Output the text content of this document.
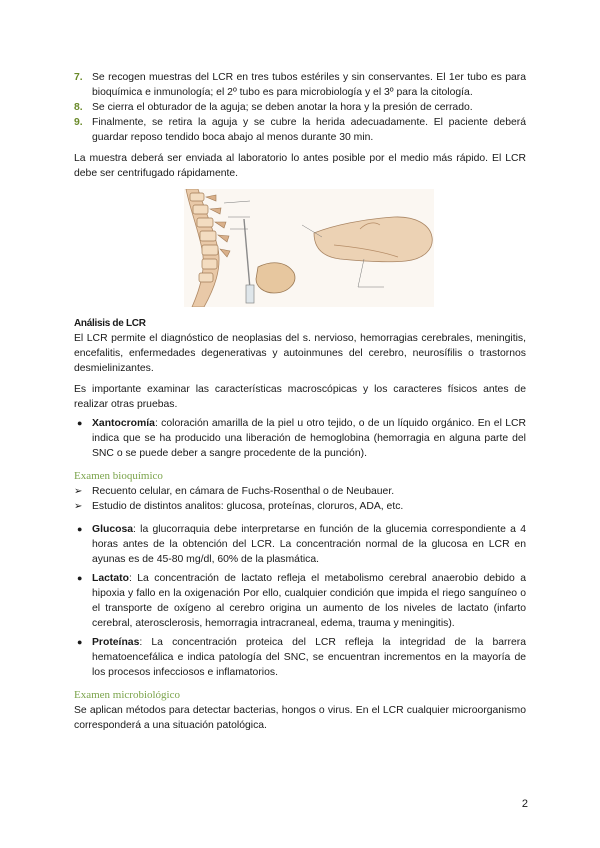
7. Se recogen muestras del LCR en tres tubos estériles y sin conservantes. El 1er tubo es para bioquímica e inmunología; el 2º tubo es para microbiología y el 3º para la citología.
8. Se cierra el obturador de la aguja; se deben anotar la hora y la presión de cerrado.
9. Finalmente, se retira la aguja y se cubre la herida adecuadamente. El paciente deberá guardar reposo tendido boca abajo al menos durante 30 min.

La muestra deberá ser enviada al laboratorio lo antes posible por el medio más rápido. El LCR debe ser centrifugado rápidamente.

Análisis de LCR

El LCR permite el diagnóstico de neoplasias del s. nervioso, hemorragias cerebrales, meningitis, encefalitis, enfermedades degenerativas y autoinmunes del cerebro, neurosífilis o trastornos desmielinizantes.

Es importante examinar las características macroscópicas y los caracteres físicos antes de realizar otras pruebas.

● Xantocromía: coloración amarilla de la piel u otro tejido, o de un líquido orgánico. En el LCR indica que se ha producido una liberación de hemoglobina (hemorragia en alguna parte del SNC o se puede deber a sangre procedente de la punción).
Examen bioquímico
➢ Recuento celular, en cámara de Fuchs-Rosenthal o de Neubauer.
➢ Estudio de distintos analitos: glucosa, proteínas, cloruros, ADA, etc.
● Glucosa: la glucorraquia debe interpretarse en función de la glucemia correspondiente a 4 horas antes de la obtención del LCR. La concentración normal de la glucosa en LCR en ayunas es de 45-80 mg/dl, 60% de la plasmática.
● Lactato: La concentración de lactato refleja el metabolismo cerebral anaerobio debido a hipoxia y fallo en la oxigenación Por ello, cualquier condición que impida el riego sanguíneo o el transporte de oxígeno al cerebro origina un aumento de los niveles de lactato (infarto cerebral, aterosclerosis, hemorragia intracraneal, edema, trauma y meningitis).
● Proteínas: La concentración proteica del LCR refleja la integridad de la barrera hematoencefálica e indica patología del SNC, se encuentran incrementos en la mayoría de los procesos infecciosos e inflamatorios.
Examen microbiológico

Se aplican métodos para detectar bacterias, hongos o virus. En el LCR cualquier microorganismo corresponderá a una situación patológica.

2
